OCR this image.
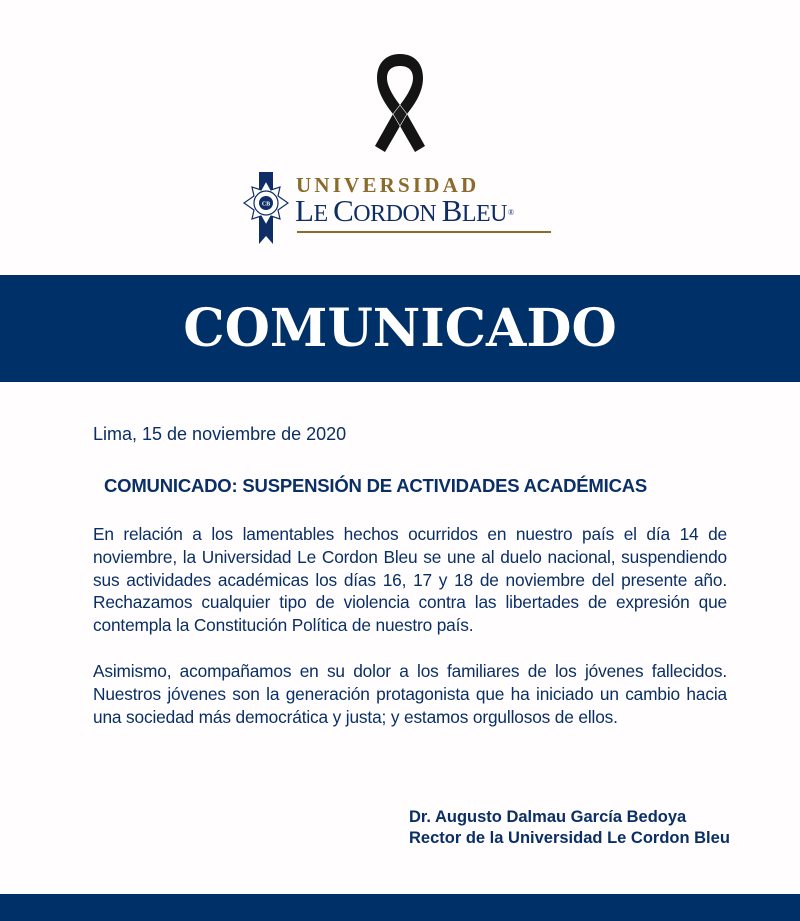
CB
UNIVERSIDAD
LE CORDON BLEU®
COMUNICADO
Lima, 15 de noviembre de 2020
COMUNICADO: SUSPENSIÓN DE ACTIVIDADES ACADÉMICAS
En relación a los lamentables hechos ocurridos en nuestro país el día 14 de noviembre, la Universidad Le Cordon Bleu se une al duelo nacional, suspendiendo sus actividades académicas los días 16, 17 y 18 de noviembre del presente año. Rechazamos cualquier tipo de violencia contra las libertades de expresión que contempla la Constitución Política de nuestro país.
Asimismo, acompañamos en su dolor a los familiares de los jóvenes fallecidos. Nuestros jóvenes son la generación protagonista que ha iniciado un cambio hacia una sociedad más democrática y justa; y estamos orgullosos de ellos.
Dr. Augusto Dalmau García Bedoya
Rector de la Universidad Le Cordon Bleu
